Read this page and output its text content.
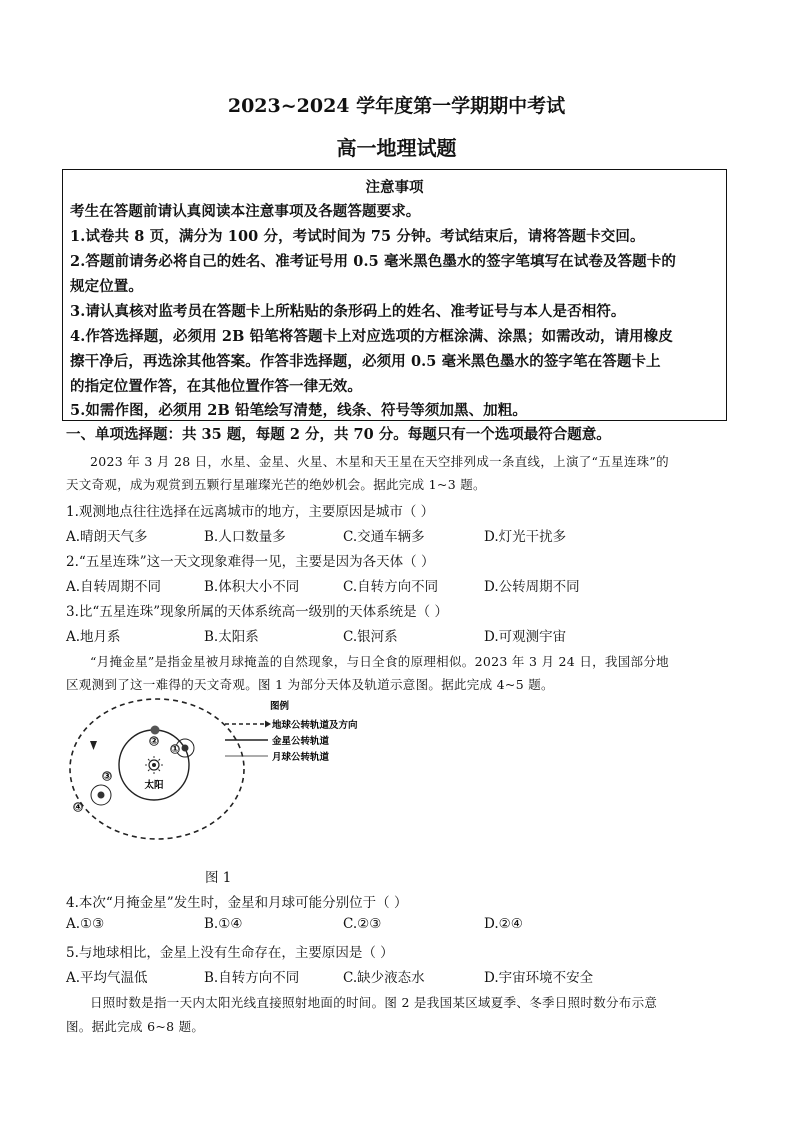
2023~2024 学年度第一学期期中考试
高一地理试题
注意事项
考生在答题前请认真阅读本注意事项及各题答题要求。
1.试卷共 8 页，满分为 100 分，考试时间为 75 分钟。考试结束后，请将答题卡交回。
2.答题前请务必将自己的姓名、准考证号用 0.5 毫米黑色墨水的签字笔填写在试卷及答题卡的
规定位置。
3.请认真核对监考员在答题卡上所粘贴的条形码上的姓名、准考证号与本人是否相符。
4.作答选择题，必须用 2B 铅笔将答题卡上对应选项的方框涂满、涂黑；如需改动，请用橡皮
擦干净后，再选涂其他答案。作答非选择题，必须用 0.5 毫米黑色墨水的签字笔在答题卡上
的指定位置作答，在其他位置作答一律无效。
5.如需作图，必须用 2B 铅笔绘写清楚，线条、符号等须加黑、加粗。
一、单项选择题：共 35 题，每题 2 分，共 70 分。每题只有一个选项最符合题意。
2023 年 3 月 28 日，水星、金星、火星、木星和天王星在天空排列成一条直线，上演了“五星连珠”的
天文奇观，成为观赏到五颗行星璀璨光芒的绝妙机会。据此完成 1~3 题。
1.观测地点往往选择在远离城市的地方，主要原因是城市（ ）
A.晴朗天气多	B.人口数量多	C.交通车辆多	D.灯光干扰多
2.“五星连珠”这一天文现象难得一见，主要是因为各天体（ ）
A.自转周期不同	B.体积大小不同	C.自转方向不同	D.公转周期不同
3.比“五星连珠”现象所属的天体系统高一级别的天体系统是（ ）
A.地月系	B.太阳系	C.银河系	D.可观测宇宙
“月掩金星”是指金星被月球掩盖的自然现象，与日全食的原理相似。2023 年 3 月 24 日，我国部分地
区观测到了这一难得的天文奇观。图 1 为部分天体及轨道示意图。据此完成 4~5 题。
太阳
①
②
③
④
图例
地球公转轨道及方向
金星公转轨道
月球公转轨道
图 1
4.本次“月掩金星”发生时，金星和月球可能分别位于（ ）
A.①③	B.①④	C.②③	D.②④
5.与地球相比，金星上没有生命存在，主要原因是（ ）
A.平均气温低	B.自转方向不同	C.缺少液态水	D.宇宙环境不安全
日照时数是指一天内太阳光线直接照射地面的时间。图 2 是我国某区域夏季、冬季日照时数分布示意
图。据此完成 6~8 题。
